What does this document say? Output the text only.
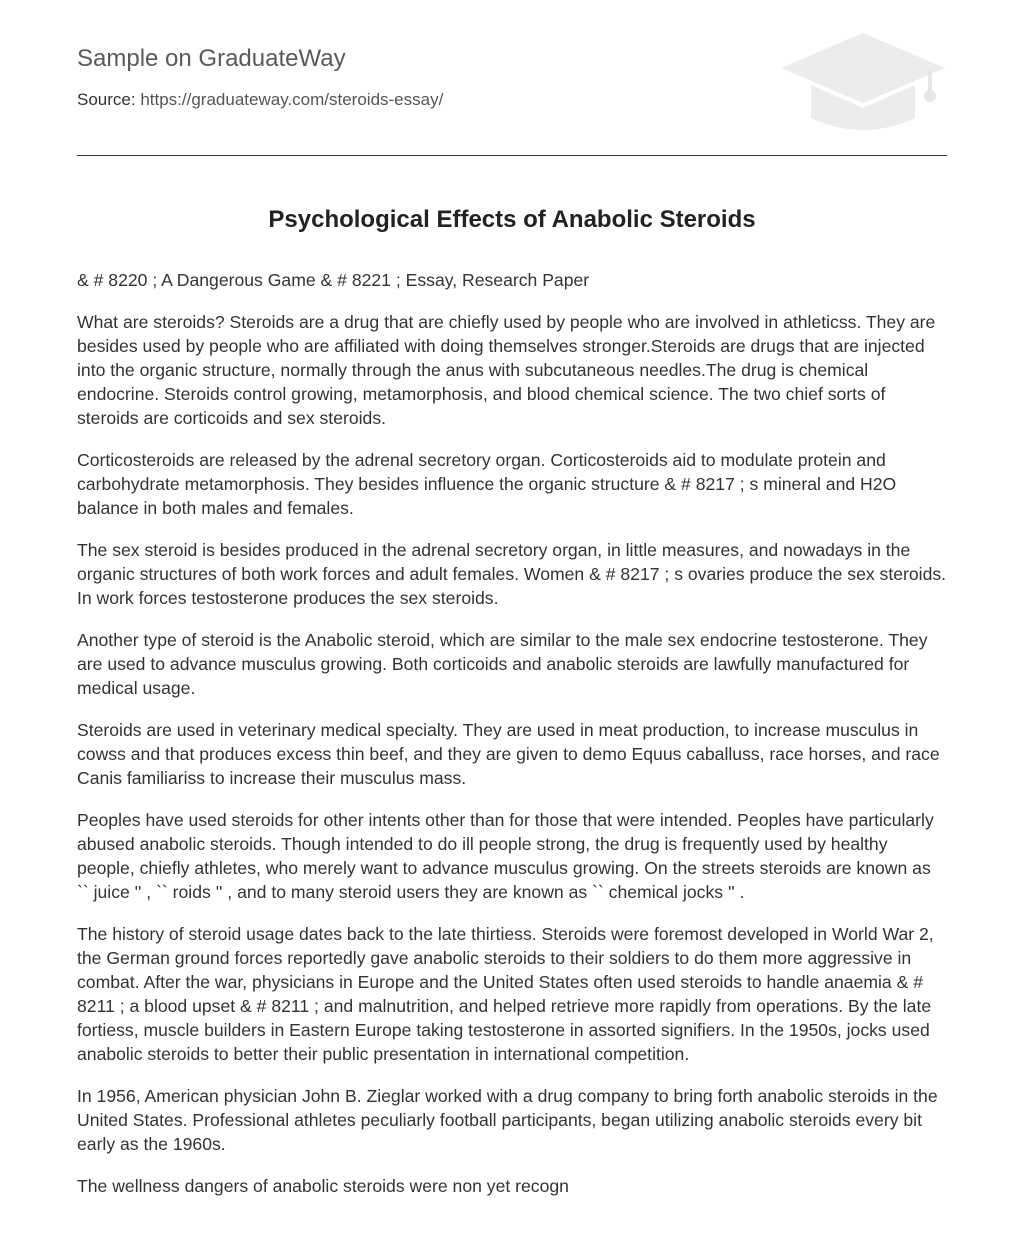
Sample on GraduateWay
Source: https://graduateway.com/steroids-essay/
Psychological Effects of Anabolic Steroids

& # 8220 ; A Dangerous Game & # 8221 ; Essay, Research Paper

What are steroids? Steroids are a drug that are chiefly used by people who are involved in athleticss. They are besides used by people who are affiliated with doing themselves stronger.Steroids are drugs that are injected into the organic structure, normally through the anus with subcutaneous needles.The drug is chemical endocrine. Steroids control growing, metamorphosis, and blood chemical science. The two chief sorts of steroids are corticoids and sex steroids.

Corticosteroids are released by the adrenal secretory organ. Corticosteroids aid to modulate protein and carbohydrate metamorphosis. They besides influence the organic structure & # 8217 ; s mineral and H2O balance in both males and females.

The sex steroid is besides produced in the adrenal secretory organ, in little measures, and nowadays in the organic structures of both work forces and adult females. Women & # 8217 ; s ovaries produce the sex steroids. In work forces testosterone produces the sex steroids.

Another type of steroid is the Anabolic steroid, which are similar to the male sex endocrine testosterone. They are used to advance musculus growing. Both corticoids and anabolic steroids are lawfully manufactured for medical usage.

Steroids are used in veterinary medical specialty. They are used in meat production, to increase musculus in cowss and that produces excess thin beef, and they are given to demo Equus caballuss, race horses, and race Canis familiariss to increase their musculus mass.

Peoples have used steroids for other intents other than for those that were intended. Peoples have particularly abused anabolic steroids. Though intended to do ill people strong, the drug is frequently used by healthy people, chiefly athletes, who merely want to advance musculus growing. On the streets steroids are known as `` juice '' , `` roids '' , and to many steroid users they are known as `` chemical jocks '' .

The history of steroid usage dates back to the late thirtiess. Steroids were foremost developed in World War 2, the German ground forces reportedly gave anabolic steroids to their soldiers to do them more aggressive in combat. After the war, physicians in Europe and the United States often used steroids to handle anaemia & # 8211 ; a blood upset & # 8211 ; and malnutrition, and helped retrieve more rapidly from operations. By the late fortiess, muscle builders in Eastern Europe taking testosterone in assorted signifiers. In the 1950s, jocks used anabolic steroids to better their public presentation in international competition.

In 1956, American physician John B. Zieglar worked with a drug company to bring forth anabolic steroids in the United States. Professional athletes peculiarly football participants, began utilizing anabolic steroids every bit early as the 1960s.

The wellness dangers of anabolic steroids were non yet recogn
